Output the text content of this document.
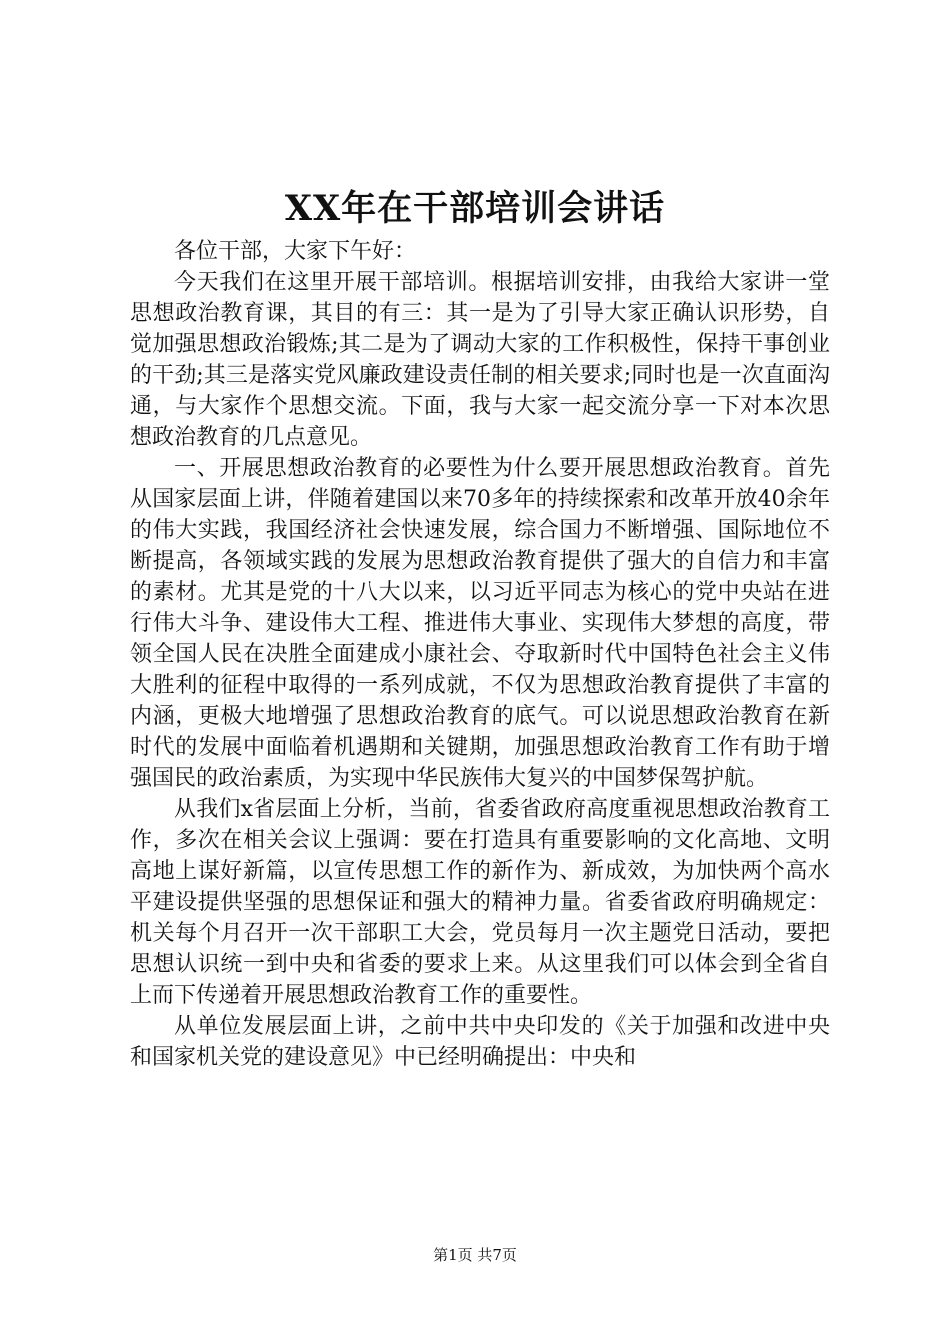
XX年在干部培训会讲话

各位干部，大家下午好：

今天我们在这里开展干部培训。根据培训安排，由我给大家讲一堂思想政治教育课，其目的有三：其一是为了引导大家正确认识形势，自觉加强思想政治锻炼;其二是为了调动大家的工作积极性，保持干事创业的干劲;其三是落实党风廉政建设责任制的相关要求;同时也是一次直面沟通，与大家作个思想交流。下面，我与大家一起交流分享一下对本次思想政治教育的几点意见。

一、开展思想政治教育的必要性为什么要开展思想政治教育。首先从国家层面上讲，伴随着建国以来70多年的持续探索和改革开放40余年的伟大实践，我国经济社会快速发展，综合国力不断增强、国际地位不断提高，各领域实践的发展为思想政治教育提供了强大的自信力和丰富的素材。尤其是党的十八大以来，以习近平同志为核心的党中央站在进行伟大斗争、建设伟大工程、推进伟大事业、实现伟大梦想的高度，带领全国人民在决胜全面建成小康社会、夺取新时代中国特色社会主义伟大胜利的征程中取得的一系列成就，不仅为思想政治教育提供了丰富的内涵，更极大地增强了思想政治教育的底气。可以说思想政治教育在新时代的发展中面临着机遇期和关键期，加强思想政治教育工作有助于增强国民的政治素质，为实现中华民族伟大复兴的中国梦保驾护航。

从我们x省层面上分析，当前，省委省政府高度重视思想政治教育工作，多次在相关会议上强调：要在打造具有重要影响的文化高地、文明高地上谋好新篇，以宣传思想工作的新作为、新成效，为加快两个高水平建设提供坚强的思想保证和强大的精神力量。省委省政府明确规定：机关每个月召开一次干部职工大会，党员每月一次主题党日活动，要把思想认识统一到中央和省委的要求上来。从这里我们可以体会到全省自上而下传递着开展思想政治教育工作的重要性。

从单位发展层面上讲，之前中共中央印发的《关于加强和改进中央和国家机关党的建设意见》中已经明确提出：中央和

第1页 共7页
